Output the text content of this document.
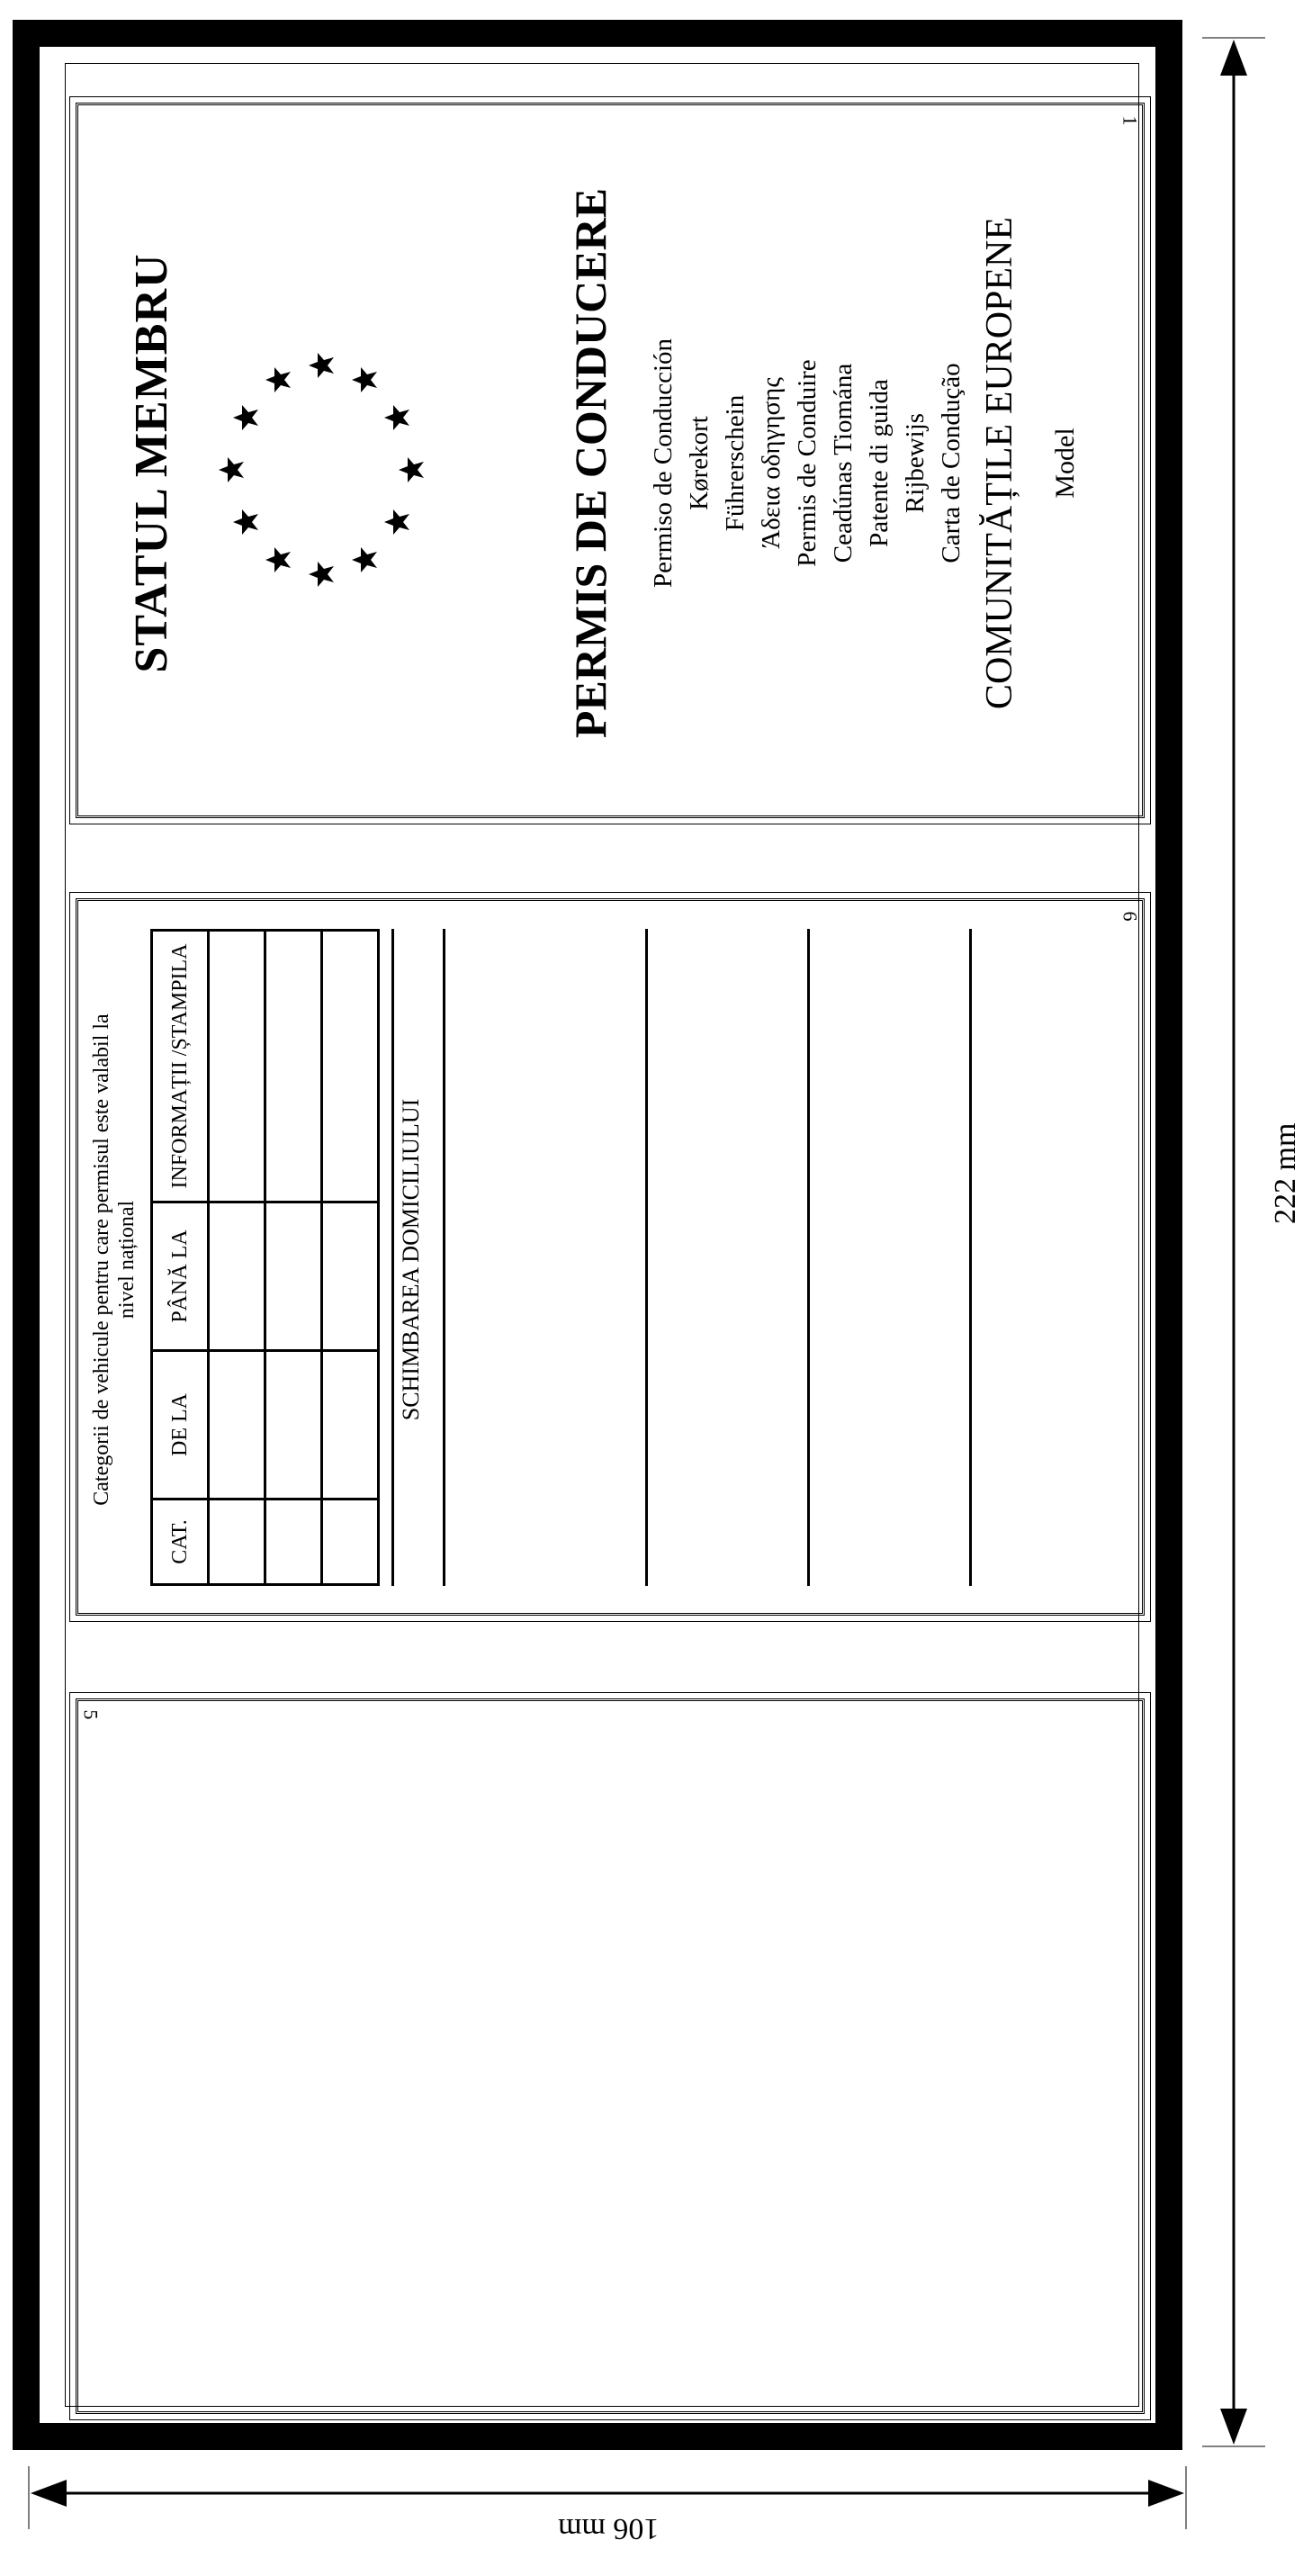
1
STATUL MEMBRU	PERMIS DE CONDUCERE Permiso de Conducción Kørekort Führerschein Άδεια οδηγησης Permis de Conduire Ceadúnas Tiomána Patente di guida Rijbewijs Carta de Condução COMUNITĂȚILE EUROPENE Model
6
Categorii de vehicule pentru care permisul este valabil la nivel național
CAT.	DE LA	PÂNĂ LA	INFORMAȚII /ȘTAMPILA

SCHIMBAREA DOMICILIULUI
5
222 mm
106 mm
